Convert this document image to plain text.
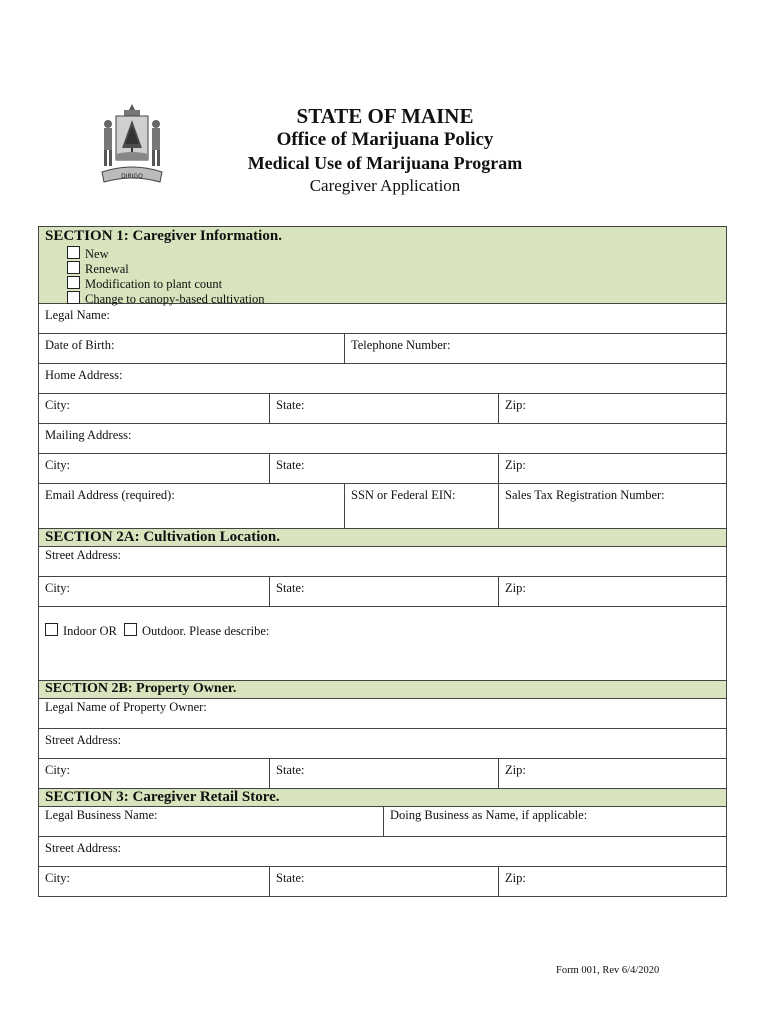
DIRIGO
STATE OF MAINE
Office of Marijuana Policy
Medical Use of Marijuana Program
Caregiver Application
SECTION 1: Caregiver Information.
New
Renewal
Modification to plant count
Change to canopy-based cultivation
Legal Name:
Date of Birth:	Telephone Number:
Home Address:
City:	State:	Zip:
Mailing Address:
City:	State:	Zip:
Email Address (required):	SSN or Federal EIN:	Sales Tax Registration Number:
SECTION 2A: Cultivation Location.
Street Address:
City:	State:	Zip:
Indoor OR Outdoor. Please describe:
SECTION 2B: Property Owner.
Legal Name of Property Owner:
Street Address:
City:	State:	Zip:
SECTION 3: Caregiver Retail Store.
Legal Business Name:	Doing Business as Name, if applicable:
Street Address:
City:	State:	Zip:
Form 001, Rev 6/4/2020
